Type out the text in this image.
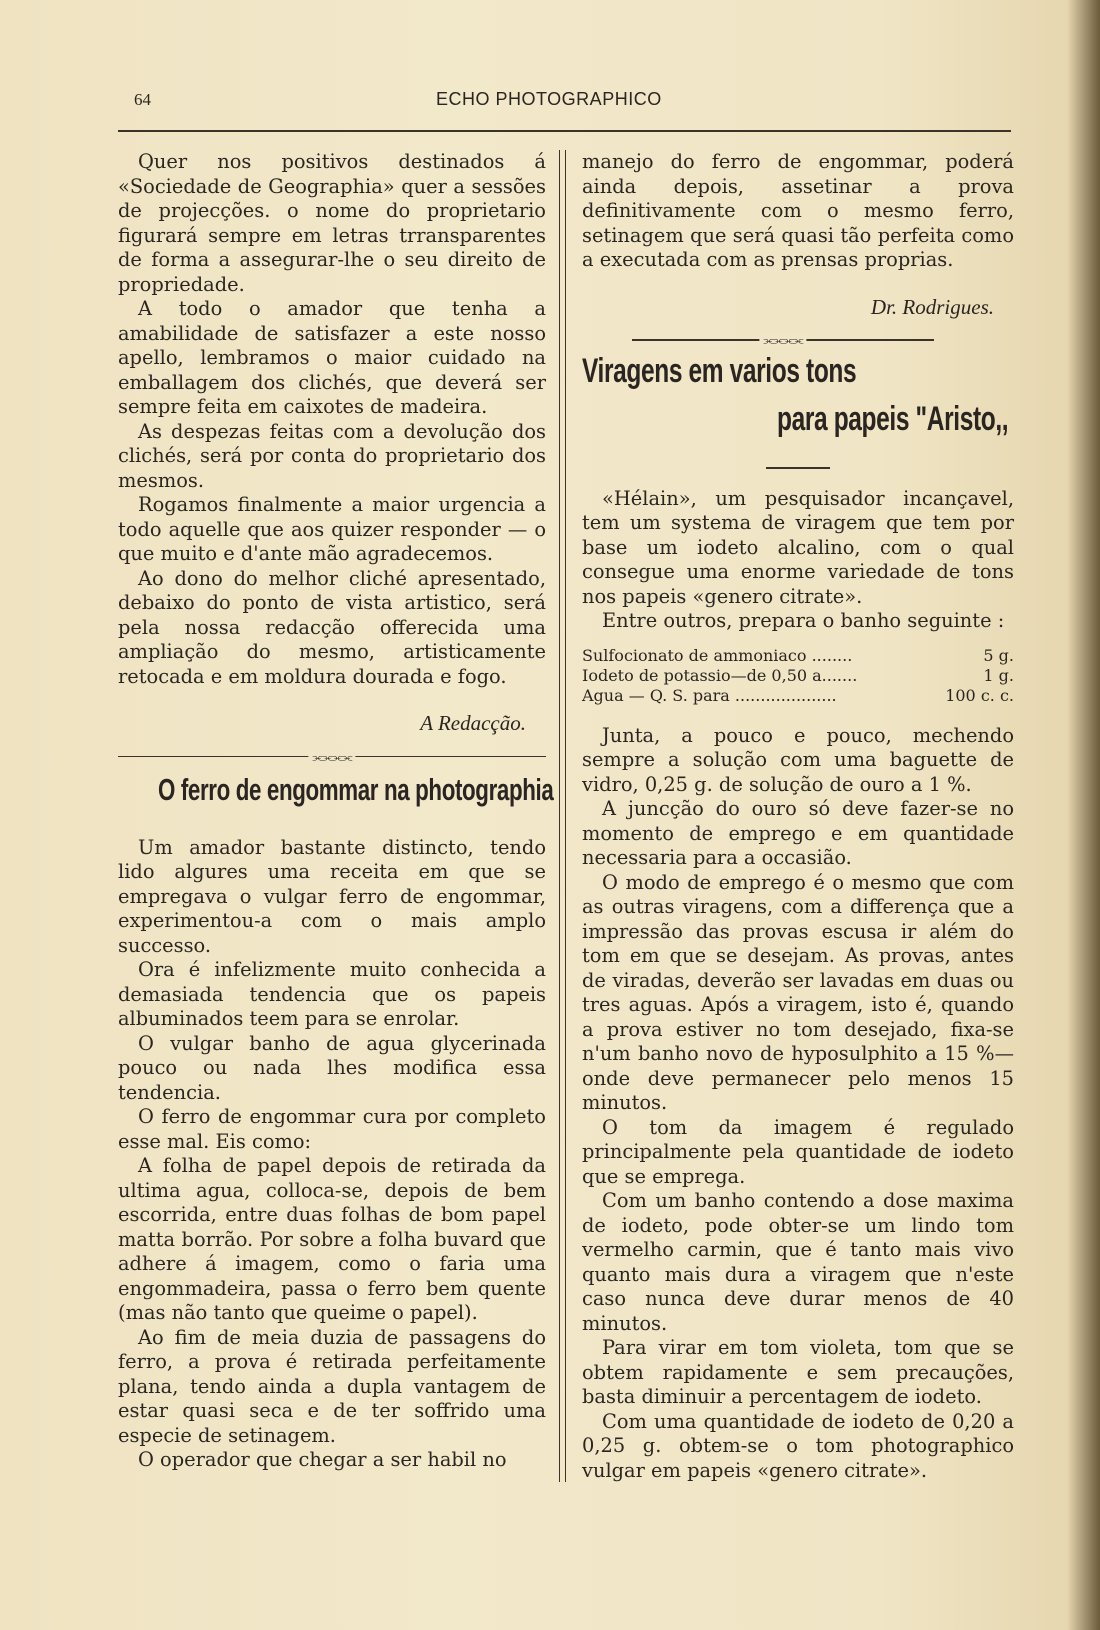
64	ECHO PHOTOGRAPHICO

Quer nos positivos destinados á «Sociedade de Geographia» quer a sessões de projecções. o nome do proprietario figurará sempre em letras trransparentes de forma a assegurar-lhe o seu direito de propriedade.

A todo o amador que tenha a amabilidade de satisfazer a este nosso apello, lembramos o maior cuidado na emballagem dos clichés, que deverá ser sempre feita em caixotes de madeira.

As despezas feitas com a devolução dos clichés, será por conta do proprietario dos mesmos.

Rogamos finalmente a maior urgencia a todo aquelle que aos quizer responder — o que muito e d'ante mão agradecemos.

Ao dono do melhor cliché apresentado, debaixo do ponto de vista artistico, será pela nossa redacção offerecida uma ampliação do mesmo, artisticamente retocada e em moldura dourada e fogo.

A Redacção.
⫘⫘⫘⫘
O ferro de engommar na photographia

Um amador bastante distincto, tendo lido algures uma receita em que se empregava o vulgar ferro de engommar, experimentou-a com o mais amplo successo.

Ora é infelizmente muito conhecida a demasiada tendencia que os papeis albuminados teem para se enrolar.

O vulgar banho de agua glycerinada pouco ou nada lhes modifica essa tendencia.

O ferro de engommar cura por completo esse mal. Eis como:

A folha de papel depois de retirada da ultima agua, colloca-se, depois de bem escorrida, entre duas folhas de bom papel matta borrão. Por sobre a folha buvard que adhere á imagem, como o faria uma engommadeira, passa o ferro bem quente (mas não tanto que queime o papel).

Ao fim de meia duzia de passagens do ferro, a prova é retirada perfeitamente plana, tendo ainda a dupla vantagem de estar quasi seca e de ter soffrido uma especie de setinagem.

O operador que chegar a ser habil no

manejo do ferro de engommar, poderá ainda depois, assetinar a prova definitivamente com o mesmo ferro, setinagem que será quasi tão perfeita como a executada com as prensas proprias.

Dr. Rodrigues.
⫘⫘⫘⫘
Viragens em varios tons
para papeis "Aristo,,

«Hélain», um pesquisador incançavel, tem um systema de viragem que tem por base um iodeto alcalino, com o qual consegue uma enorme variedade de tons nos papeis «genero citrate».

Entre outros, prepara o banho seguinte :

Sulfocionato de ammoniaco ........	5 g.
Iodeto de potassio—de 0,50 a.......	1 g.
Agua — Q. S. para ....................	100 c. c.

Junta, a pouco e pouco, mechendo sempre a solução com uma baguette de vidro, 0,25 g. de solução de ouro a 1 %.

A juncção do ouro só deve fazer-se no momento de emprego e em quantidade necessaria para a occasião.

O modo de emprego é o mesmo que com as outras viragens, com a differença que a impressão das provas escusa ir além do tom em que se desejam. As provas, antes de viradas, deverão ser lavadas em duas ou tres aguas. Após a viragem, isto é, quando a prova estiver no tom desejado, fixa-se n'um banho novo de hyposulphito a 15 %—onde deve permanecer pelo menos 15 minutos.

O tom da imagem é regulado principalmente pela quantidade de iodeto que se emprega.

Com um banho contendo a dose maxima de iodeto, pode obter-se um lindo tom vermelho carmin, que é tanto mais vivo quanto mais dura a viragem que n'este caso nunca deve durar menos de 40 minutos.

Para virar em tom violeta, tom que se obtem rapidamente e sem precauções, basta diminuir a percentagem de iodeto.

Com uma quantidade de iodeto de 0,20 a 0,25 g. obtem-se o tom photographico vulgar em papeis «genero citrate».
